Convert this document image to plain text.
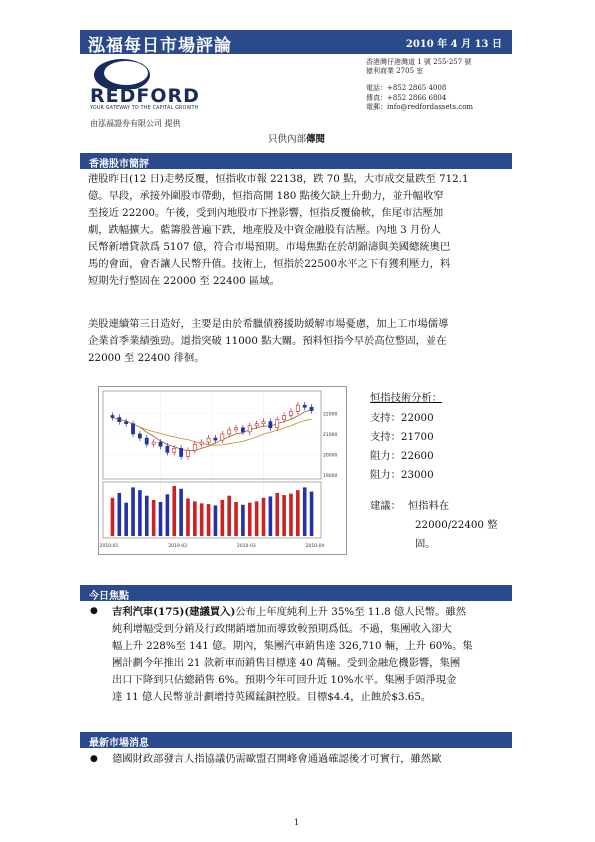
泓福每日市場評論	2010 年 4 月 13 日
REDFORD
YOUR GATEWAY TO THE CAPITAL GROWTH
由泓福證券有限公司 提供
香港灣仔港灣道 1 號 255-257 號
億利商業 2705 室
電話：+852 2865 4008
傳真：+852 2866 6804
電郵：info@redfordassets.com
只供內部傳閱
香港股市簡評
港股昨日(12 日)走勢反覆，恒指收市報 22138，跌 70 點，大市成交量跌至 712.1
億。早段，承接外圍股市帶動，恒指高開 180 點後欠缺上升動力，並升幅收窄
至接近 22200。午後，受到內地股市下挫影響，恒指反覆倫軟，隹尾市沽壓加
劇，跌幅擴大。藍籌股普遍下跌，地產股及中資金融股有沽壓。內地 3 月份人
民幣新增貸款爲 5107 億，符合市場預期。市場焦點在於胡錦濤與美國總統奧巴
馬的會面，會否讓人民幣升值。技術上，恒指於22500水平之下有獲利壓力，料
短期先行整固在 22000 至 22400 區域。
美股連續第三日造好，主要是由於希臘債務援助緩解市場憂慮，加上工市場儒導
企業首季業績強勁。道指突破 11000 點大關。預料恒指今早於高位整固，並在
22000 至 22400 徘徊。
22000
21000
20000
19000
2010-01	2010-02	2010-03	2010-04
恒指技術分析：
支持：22000
支持：21700
阻力：22600
阻力：23000
建議： 恒指料在
22000/22400 整
固。
今日焦點
● 吉利汽車(175)(建議買入)公布上年度純利上升 35%至 11.8 億人民幣。雖然
純利增幅受到分銷及行政開銷增加而導致較預期爲低。不過，集團收入卻大
幅上升 228%至 141 億。期內，集團汽車銷售達 326,710 輛，上升 60%。集
團計劃今年推出 21 款新車而銷售目標達 40 萬輛。受到金融危機影響，集團
出口下降到只佔總銷售 6%。預期今年可回升近 10%水平。集團手頭淨現金
達 11 億人民幣並計劃增持英國錳銅控股。目標$4.4，止蝕於$3.65。
最新市場消息
● 德國財政部發言人指協議仍需歐盟召開峰會通過確認後才可實行，雖然歐
1
